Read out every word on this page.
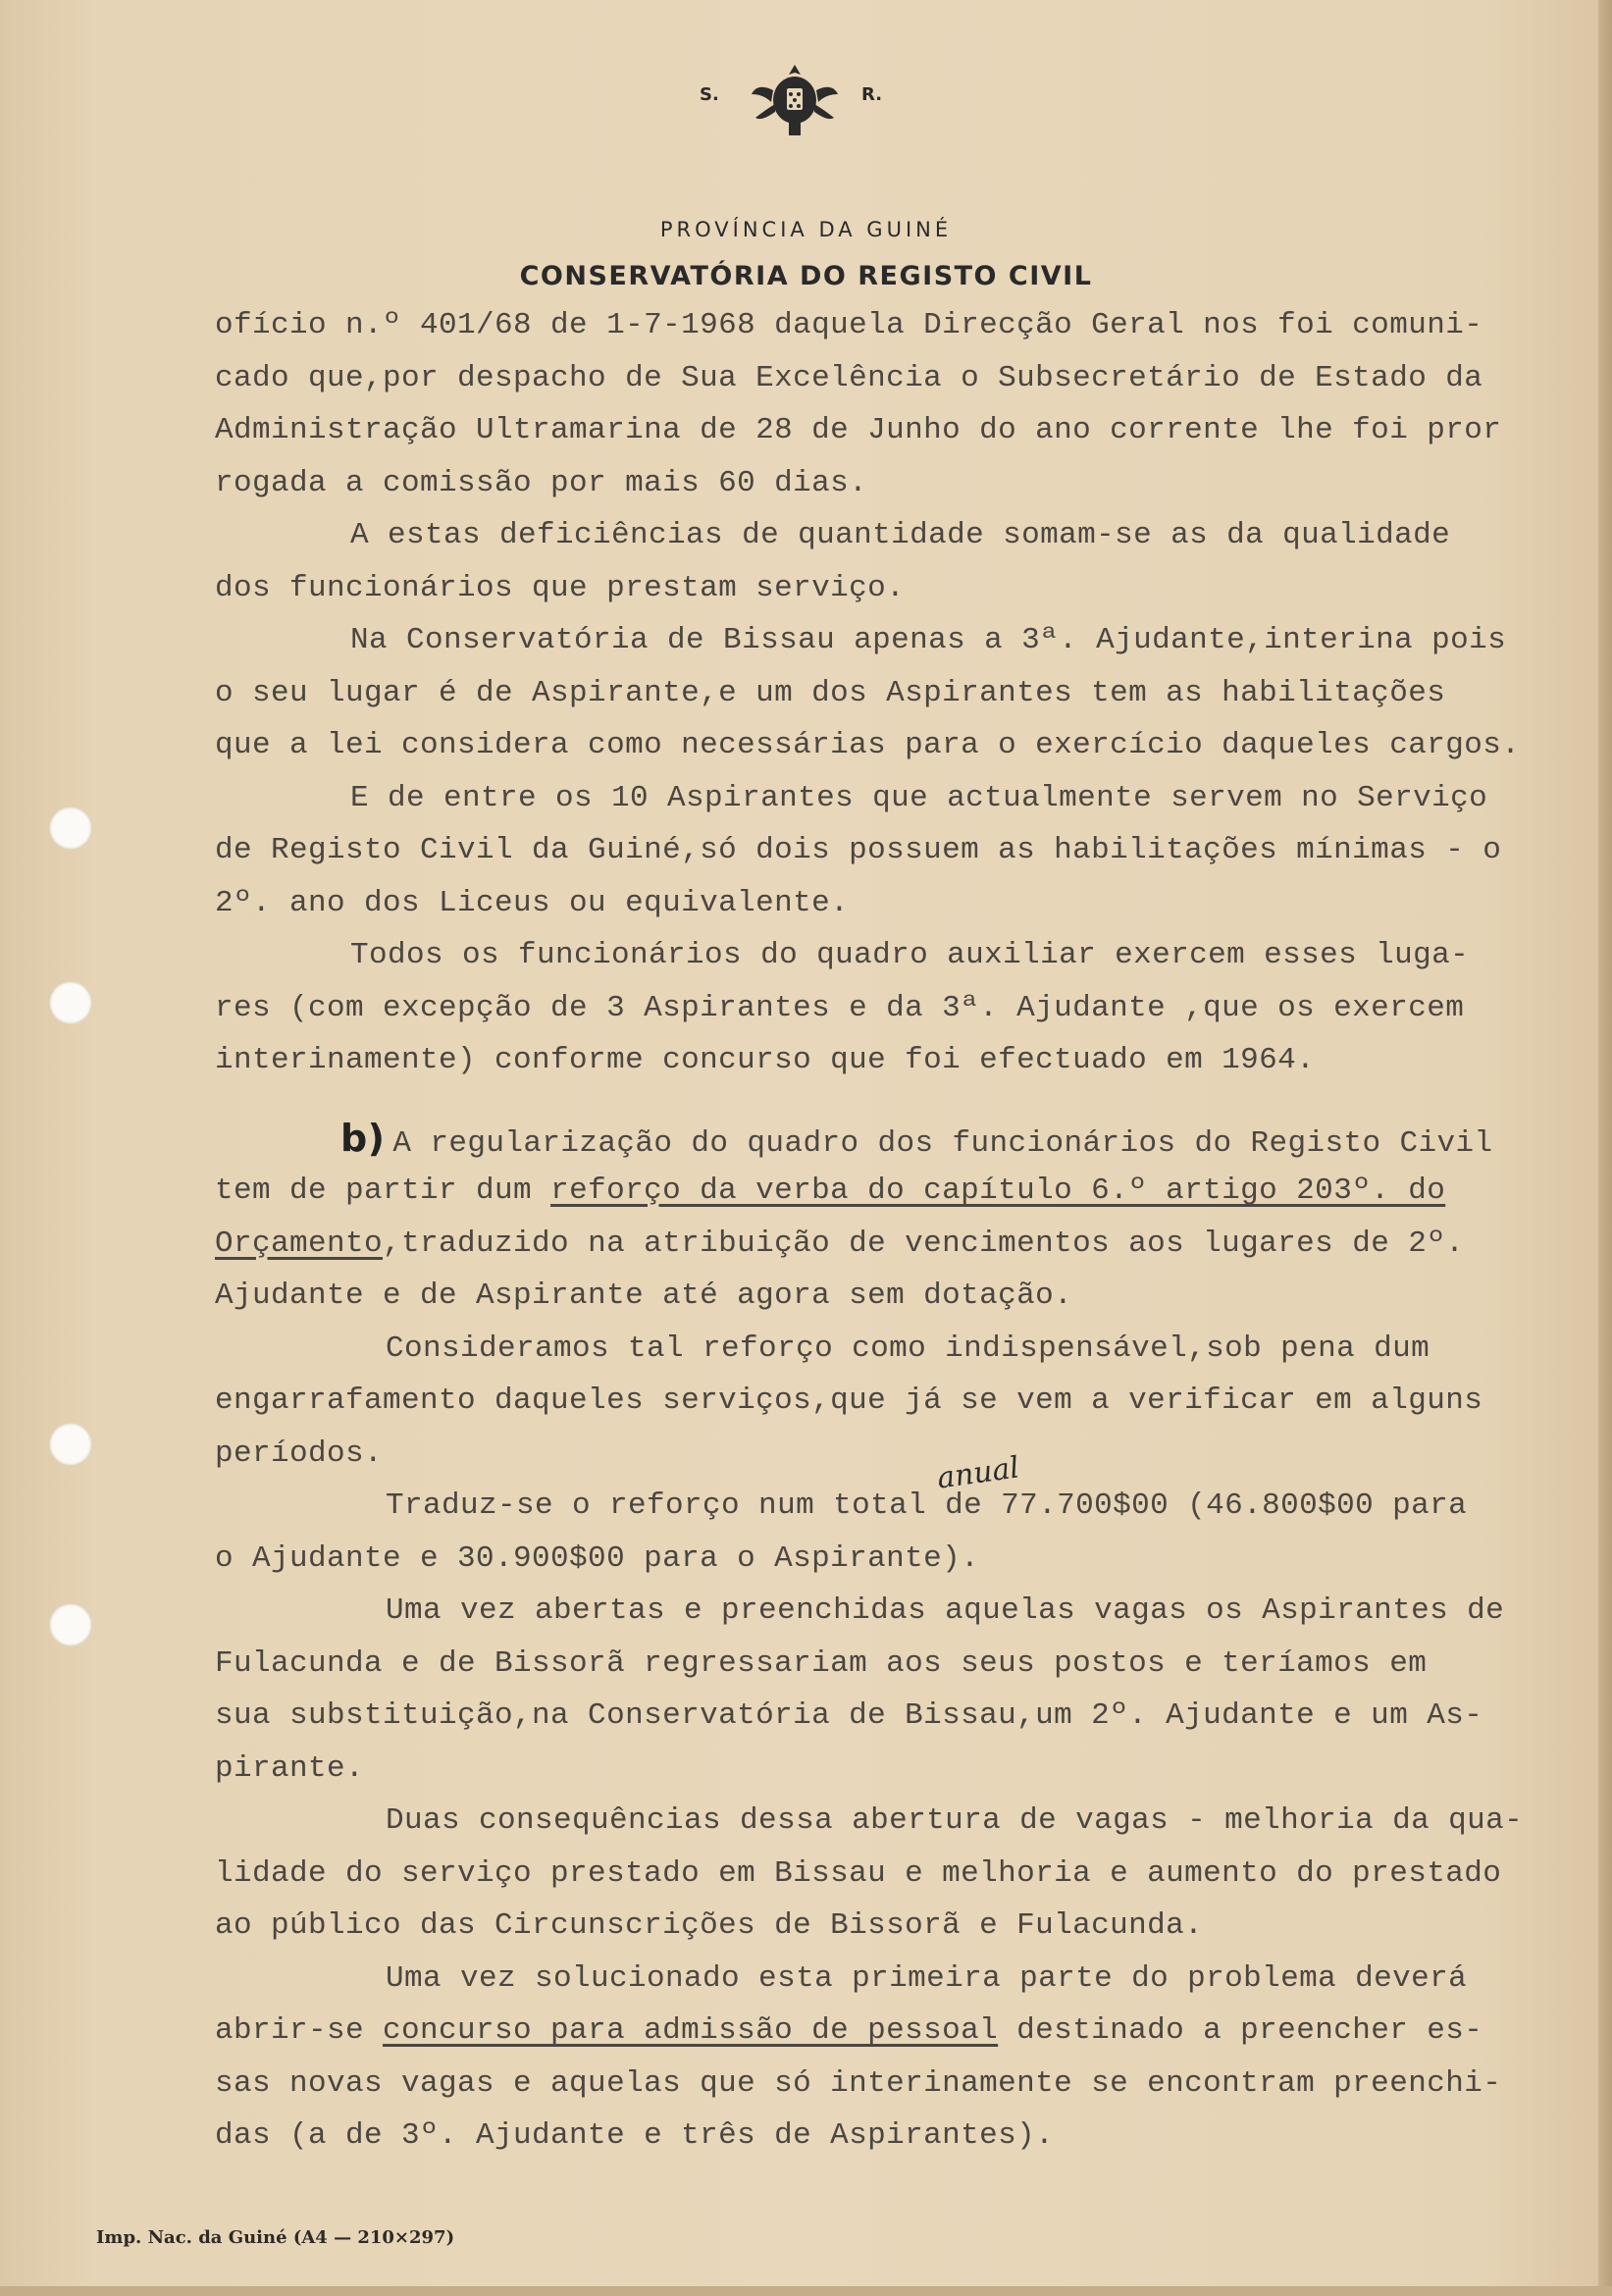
S.	R.
PROVÍNCIA DA GUINÉ
CONSERVATÓRIA DO REGISTO CIVIL
ofício n.º 401/68 de 1-7-1968 daquela Direcção Geral nos foi comuni-
cado que,por despacho de Sua Excelência o Subsecretário de Estado da
Administração Ultramarina de 28 de Junho do ano corrente lhe foi pror
rogada a comissão por mais 60 dias.
A estas deficiências de quantidade somam-se as da qualidade
dos funcionários que prestam serviço.
Na Conservatória de Bissau apenas a 3ª. Ajudante,interina pois
o seu lugar é de Aspirante,e um dos Aspirantes tem as habilitações
que a lei considera como necessárias para o exercício daqueles cargos.
E de entre os 10 Aspirantes que actualmente servem no Serviço
de Registo Civil da Guiné,só dois possuem as habilitações mínimas - o
2º. ano dos Liceus ou equivalente.
Todos os funcionários do quadro auxiliar exercem esses luga-
res (com excepção de 3 Aspirantes e da 3ª. Ajudante ,que os exercem
interinamente) conforme concurso que foi efectuado em 1964.
b) A regularização do quadro dos funcionários do Registo Civil
tem de partir dum reforço da verba do capítulo 6.º artigo 203º. do
Orçamento,traduzido na atribuição de vencimentos aos lugares de 2º.
Ajudante e de Aspirante até agora sem dotação.
Consideramos tal reforço como indispensável,sob pena dum
engarrafamento daqueles serviços,que já se vem a verificar em alguns
períodos.
Traduz-se o reforço num total de 77.700$00 (46.800$00 para
o Ajudante e 30.900$00 para o Aspirante).
Uma vez abertas e preenchidas aquelas vagas os Aspirantes de
Fulacunda e de Bissorã regressariam aos seus postos e teríamos em
sua substituição,na Conservatória de Bissau,um 2º. Ajudante e um As-
pirante.
Duas consequências dessa abertura de vagas - melhoria da qua-
lidade do serviço prestado em Bissau e melhoria e aumento do prestado
ao público das Circunscrições de Bissorã e Fulacunda.
Uma vez solucionado esta primeira parte do problema deverá
abrir-se concurso para admissão de pessoal destinado a preencher es-
sas novas vagas e aquelas que só interinamente se encontram preenchi-
das (a de 3º. Ajudante e três de Aspirantes).
anual
Imp. Nac. da Guiné (A4 — 210×297)
